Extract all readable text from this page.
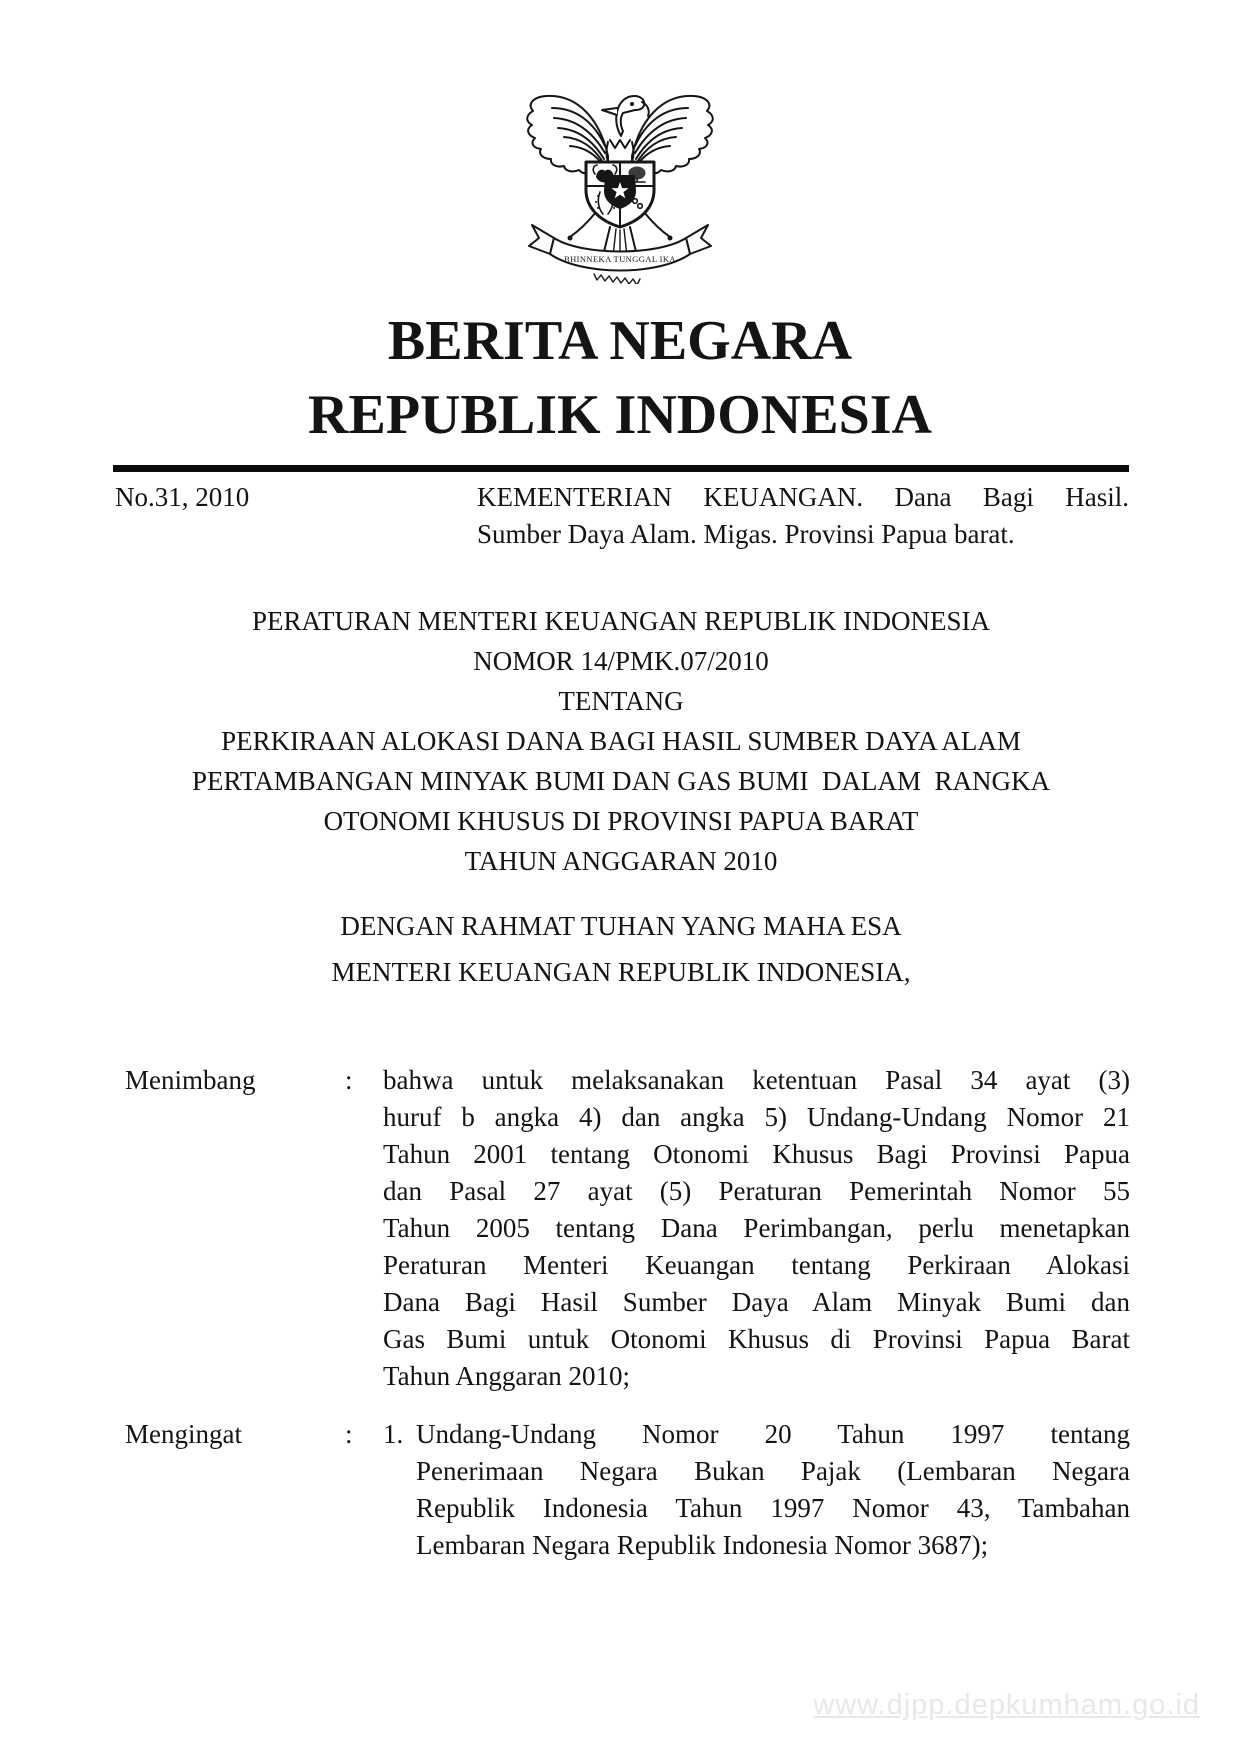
BHINNEKA TUNGGAL IKA
BERITA NEGARA
REPUBLIK INDONESIA
No.31, 2010	KEMENTERIAN KEUANGAN. Dana Bagi Hasil.
Sumber Daya Alam. Migas. Provinsi Papua barat.
PERATURAN MENTERI KEUANGAN REPUBLIK INDONESIA
NOMOR 14/PMK.07/2010
TENTANG
PERKIRAAN ALOKASI DANA BAGI HASIL SUMBER DAYA ALAM
PERTAMBANGAN MINYAK BUMI DAN GAS BUMI  DALAM  RANGKA
OTONOMI KHUSUS DI PROVINSI PAPUA BARAT
TAHUN ANGGARAN 2010
DENGAN RAHMAT TUHAN YANG MAHA ESA
MENTERI KEUANGAN REPUBLIK INDONESIA,
Menimbang	:	bahwa untuk melaksanakan ketentuan Pasal 34 ayat (3)
huruf b angka 4) dan angka 5) Undang-Undang Nomor 21
Tahun 2001 tentang Otonomi Khusus Bagi Provinsi Papua
dan Pasal 27 ayat (5) Peraturan Pemerintah Nomor 55
Tahun 2005 tentang Dana Perimbangan, perlu menetapkan
Peraturan Menteri Keuangan tentang Perkiraan Alokasi
Dana Bagi Hasil Sumber Daya Alam Minyak Bumi dan
Gas Bumi untuk Otonomi Khusus di Provinsi Papua Barat
Tahun Anggaran 2010;
Mengingat	:	1. Undang-Undang Nomor 20 Tahun 1997 tentang
Penerimaan Negara Bukan Pajak (Lembaran Negara
Republik Indonesia Tahun 1997 Nomor 43, Tambahan
Lembaran Negara Republik Indonesia Nomor 3687);
www.djpp.depkumham.go.id
